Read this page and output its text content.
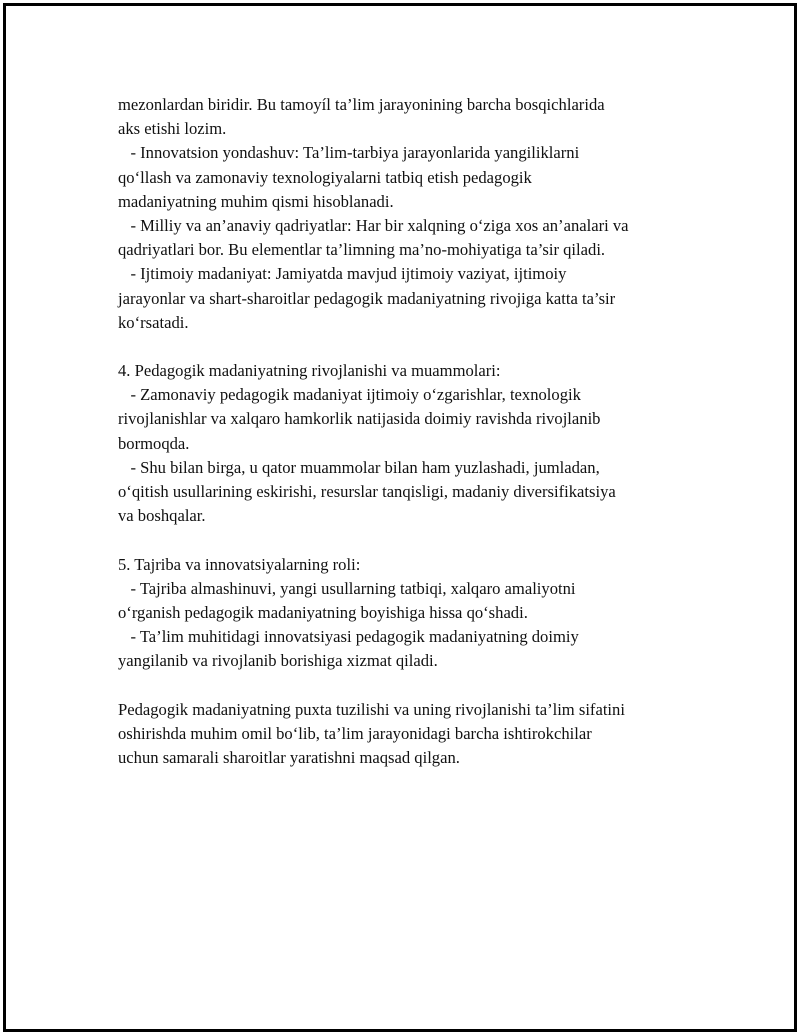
mezonlardan biridir. Bu tamoyíl ta’lim jarayonining barcha bosqichlarida
aks etishi lozim.
- Innovatsion yondashuv: Ta’lim-tarbiya jarayonlarida yangiliklarni
qo‘llash va zamonaviy texnologiyalarni tatbiq etish pedagogik
madaniyatning muhim qismi hisoblanadi.
- Milliy va an’anaviy qadriyatlar: Har bir xalqning o‘ziga xos an’analari va
qadriyatlari bor. Bu elementlar ta’limning ma’no-mohiyatiga ta’sir qiladi.
- Ijtimoiy madaniyat: Jamiyatda mavjud ijtimoiy vaziyat, ijtimoiy
jarayonlar va shart-sharoitlar pedagogik madaniyatning rivojiga katta ta’sir
ko‘rsatadi.
4. Pedagogik madaniyatning rivojlanishi va muammolari:
- Zamonaviy pedagogik madaniyat ijtimoiy o‘zgarishlar, texnologik
rivojlanishlar va xalqaro hamkorlik natijasida doimiy ravishda rivojlanib
bormoqda.
- Shu bilan birga, u qator muammolar bilan ham yuzlashadi, jumladan,
o‘qitish usullarining eskirishi, resurslar tanqisligi, madaniy diversifikatsiya
va boshqalar.
5. Tajriba va innovatsiyalarning roli:
- Tajriba almashinuvi, yangi usullarning tatbiqi, xalqaro amaliyotni
o‘rganish pedagogik madaniyatning boyishiga hissa qo‘shadi.
- Ta’lim muhitidagi innovatsiyasi pedagogik madaniyatning doimiy
yangilanib va rivojlanib borishiga xizmat qiladi.
Pedagogik madaniyatning puxta tuzilishi va uning rivojlanishi ta’lim sifatini
oshirishda muhim omil bo‘lib, ta’lim jarayonidagi barcha ishtirokchilar
uchun samarali sharoitlar yaratishni maqsad qilgan.
